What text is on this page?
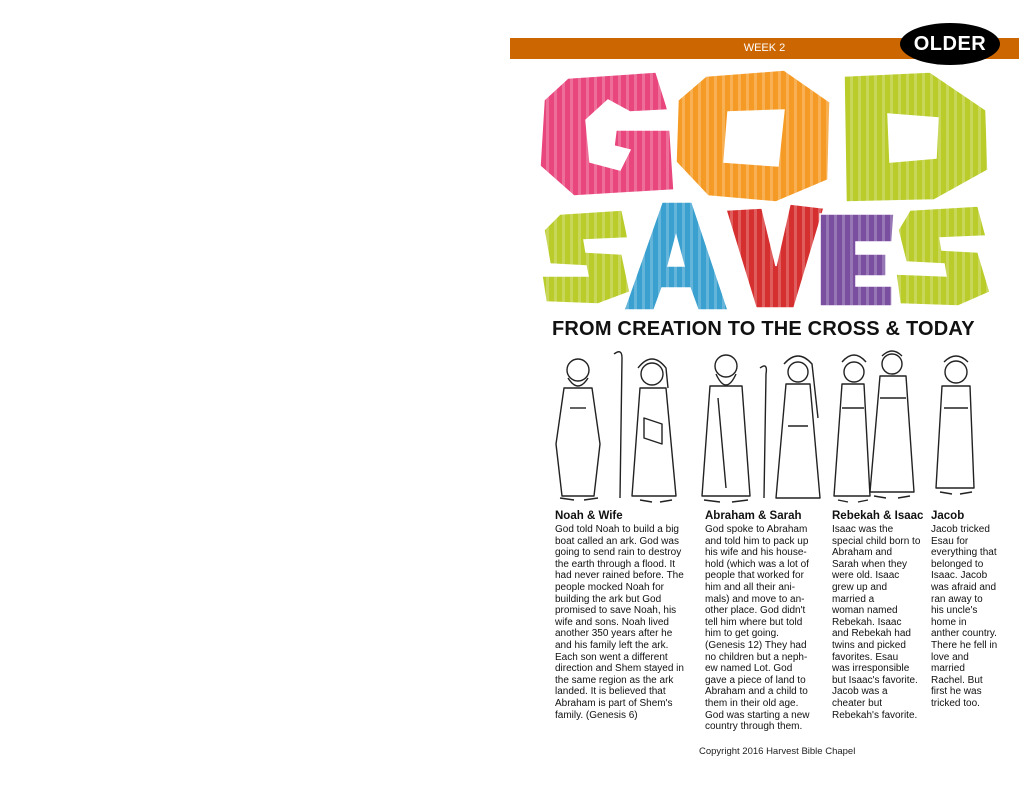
WEEK 2	OLDER
FROM CREATION TO THE CROSS & TODAY
Noah & Wife

God told Noah to build a big
boat called an ark. God was
going to send rain to destroy
the earth through a flood. It
had never rained before. The
people mocked Noah for
building the ark but God
promised to save Noah, his
wife and sons. Noah lived
another 350 years after he
and his family left the ark.
Each son went a different
direction and Shem stayed in
the same region as the ark
landed. It is believed that
Abraham is part of Shem's
family. (Genesis 6)

Abraham & Sarah

God spoke to Abraham
and told him to pack up
his wife and his house-
hold (which was a lot of
people that worked for
him and all their ani-
mals) and move to an-
other place. God didn't
tell him where but told
him to get going.
(Genesis 12) They had
no children but a neph-
ew named Lot. God
gave a piece of land to
Abraham and a child to
them in their old age.
God was starting a new
country through them.

Rebekah & Isaac

Isaac was the
special child born to
Abraham and
Sarah when they
were old. Isaac
grew up and
married a
woman named
Rebekah. Isaac
and Rebekah had
twins and picked
favorites. Esau
was irresponsible
but Isaac's favorite.
Jacob was a
cheater but
Rebekah's favorite.

Jacob

Jacob tricked
Esau for
everything that
belonged to
Isaac. Jacob
was afraid and
ran away to
his uncle's
home in
anther country.
There he fell in
love and
married
Rachel. But
first he was
tricked too.

Copyright 2016 Harvest Bible Chapel
